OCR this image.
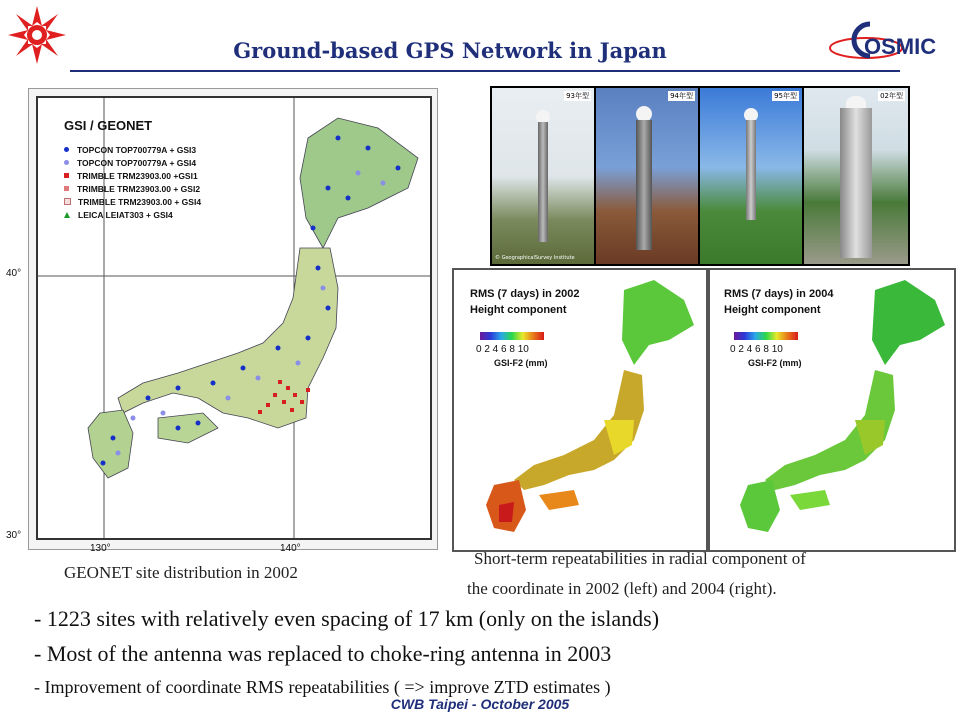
Ground-based GPS Network in Japan	OSMIC
GSI / GEONET
TOPCON TOP700779A + GSI3
TOPCON TOP700779A + GSI4
TRIMBLE TRM23903.00 +GSI1
TRIMBLE TRM23903.00 + GSI2
TRIMBLE TRM23903.00 + GSI4
LEICA LEIAT303 + GSI4
40°
30°
130°	140°
93年型
© GeographicalSurvey Institute
94年型	95年型	02年型
RMS (7 days) in 2002
Height component
0 2 4 6 8 10
GSI-F2 (mm)
RMS (7 days) in 2004
Height component
0 2 4 6 8 10
GSI-F2 (mm)
GEONET site distribution in 2002
Short-term repeatabilities in radial component of
the coordinate in 2002 (left) and 2004 (right).
- 1223 sites with relatively even spacing of 17 km (only on the islands)
- Most of the antenna was replaced to choke-ring antenna in 2003
- Improvement of coordinate RMS repeatabilities ( => improve ZTD estimates )
CWB Taipei - October 2005
